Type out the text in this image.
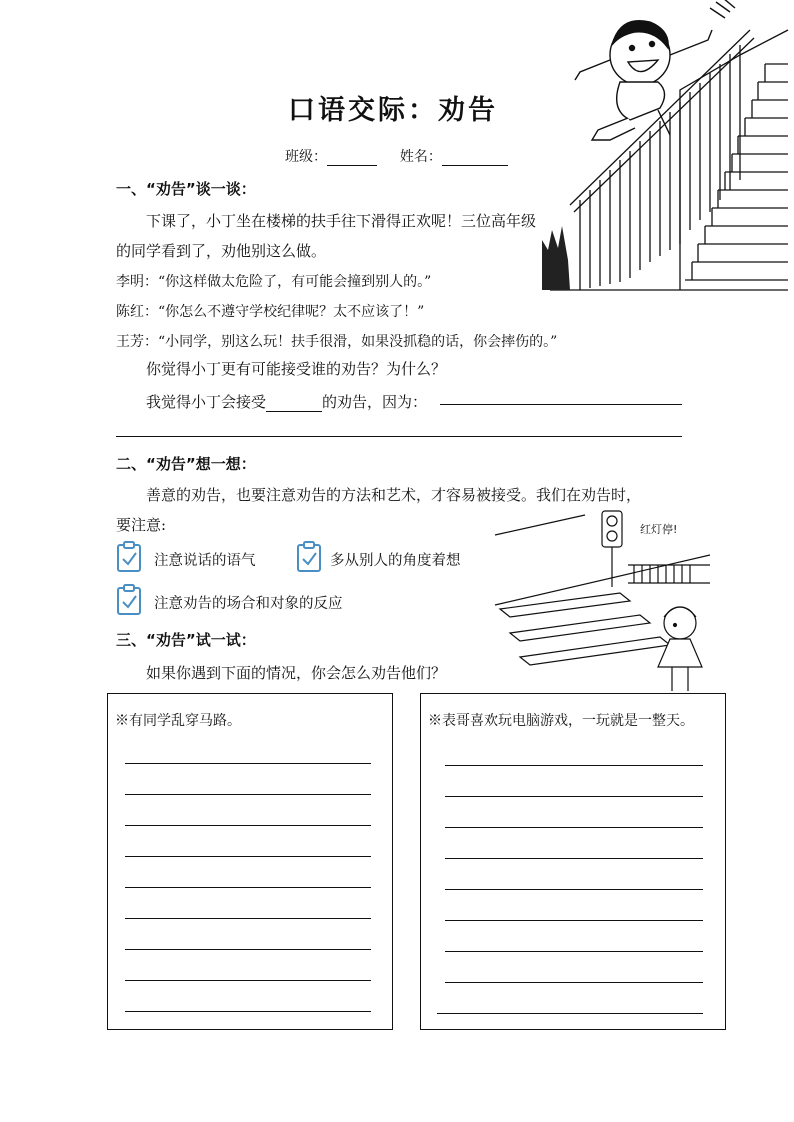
口语交际：劝告
班级：	姓名：
一、“劝告”谈一谈：
下课了，小丁坐在楼梯的扶手往下滑得正欢呢！三位高年级
的同学看到了，劝他别这么做。
李明：“你这样做太危险了，有可能会撞到别人的。”
陈红：“你怎么不遵守学校纪律呢？太不应该了！”
王芳：“小同学，别这么玩！扶手很滑，如果没抓稳的话，你会摔伤的。”
你觉得小丁更有可能接受谁的劝告？为什么？
我觉得小丁会接受	的劝告，因为：
二、“劝告”想一想：
善意的劝告，也要注意劝告的方法和艺术，才容易被接受。我们在劝告时，
要注意:
注意说话的语气	多从别人的角度着想
注意劝告的场合和对象的反应
红灯停!
三、“劝告”试一试：
如果你遇到下面的情况，你会怎么劝告他们？
※有同学乱穿马路。	※表哥喜欢玩电脑游戏，一玩就是一整天。
